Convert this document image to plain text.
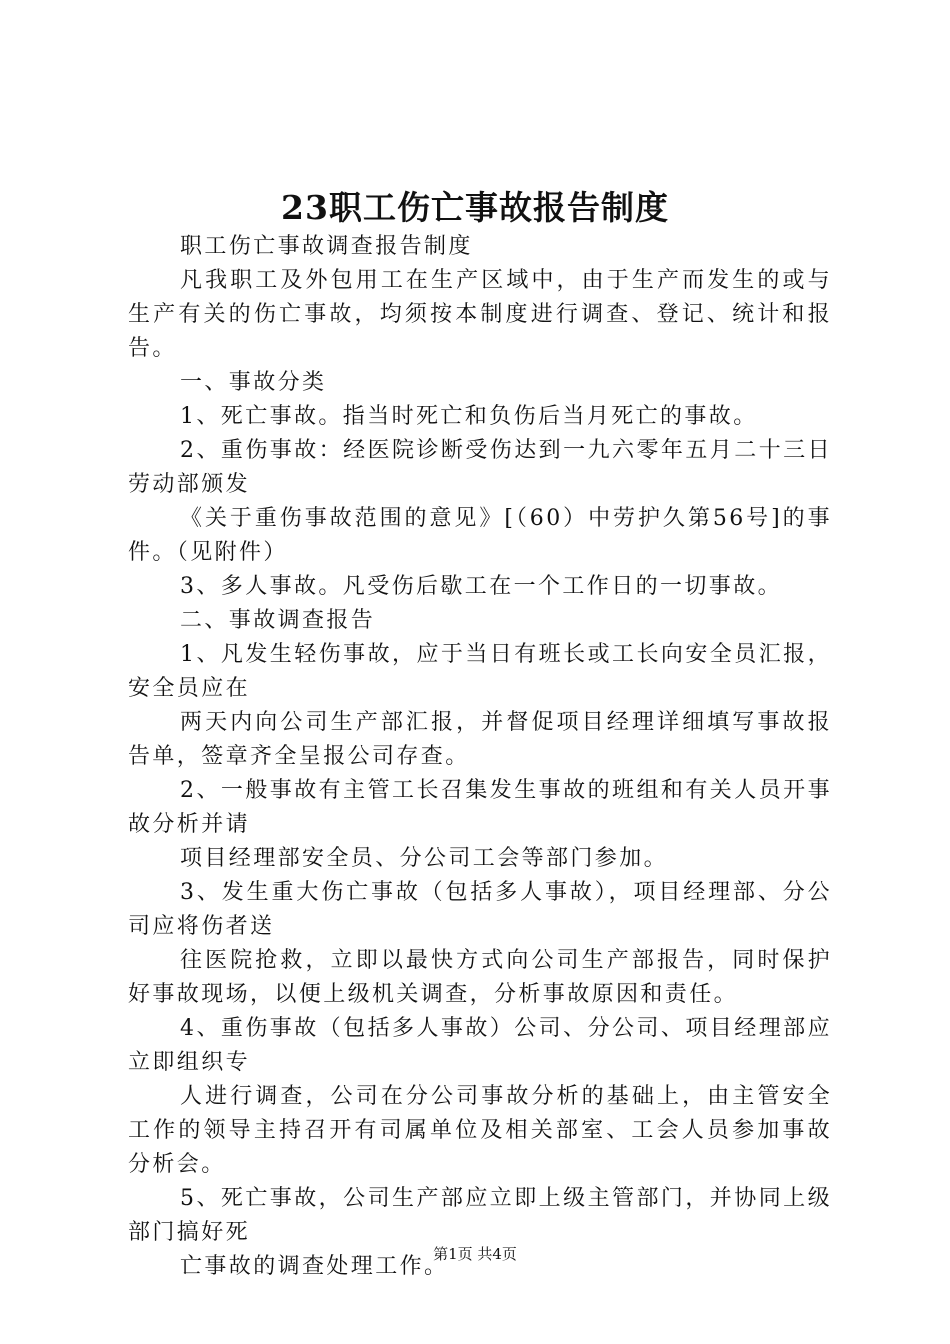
23职工伤亡事故报告制度

职工伤亡事故调查报告制度

凡我职工及外包用工在生产区域中，由于生产而发生的或与生产有关的伤亡事故，均须按本制度进行调查、登记、统计和报告。

一、事故分类

1、死亡事故。指当时死亡和负伤后当月死亡的事故。

2、重伤事故：经医院诊断受伤达到一九六零年五月二十三日劳动部颁发

《关于重伤事故范围的意见》[（60）中劳护久第56号]的事件。（见附件）

3、多人事故。凡受伤后歇工在一个工作日的一切事故。

二、事故调查报告

1、凡发生轻伤事故，应于当日有班长或工长向安全员汇报，安全员应在

两天内向公司生产部汇报，并督促项目经理详细填写事故报告单，签章齐全呈报公司存查。

2、一般事故有主管工长召集发生事故的班组和有关人员开事故分析并请

项目经理部安全员、分公司工会等部门参加。

3、发生重大伤亡事故（包括多人事故），项目经理部、分公司应将伤者送

往医院抢救，立即以最快方式向公司生产部报告，同时保护好事故现场，以便上级机关调查，分析事故原因和责任。

4、重伤事故（包括多人事故）公司、分公司、项目经理部应立即组织专

人进行调查，公司在分公司事故分析的基础上，由主管安全工作的领导主持召开有司属单位及相关部室、工会人员参加事故分析会。

5、死亡事故，公司生产部应立即上级主管部门，并协同上级部门搞好死

亡事故的调查处理工作。

第1页 共4页
